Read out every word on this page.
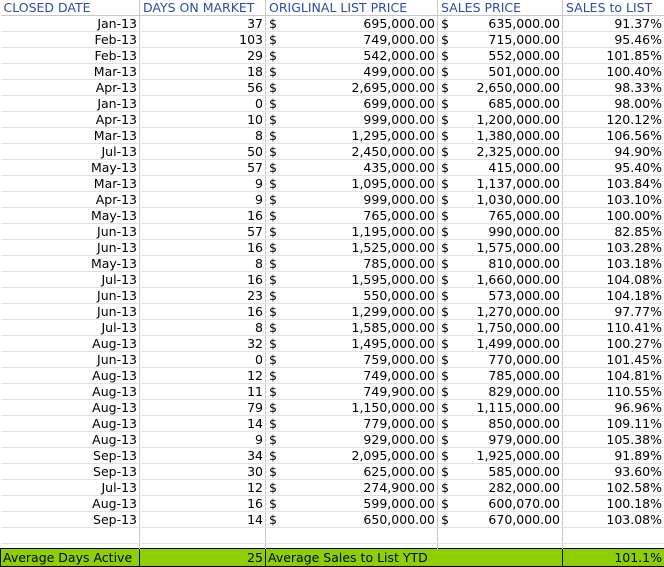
CLOSED DATE	DAYS ON MARKET	ORIGLINAL LIST PRICE	SALES PRICE	SALES to LIST
Jan-13	37	$ 695,000.00	$ 635,000.00	91.37%
Feb-13	103	$ 749,000.00	$ 715,000.00	95.46%
Feb-13	29	$ 542,000.00	$ 552,000.00	101.85%
Mar-13	18	$ 499,000.00	$ 501,000.00	100.40%
Apr-13	56	$ 2,695,000.00	$ 2,650,000.00	98.33%
Jan-13	0	$ 699,000.00	$ 685,000.00	98.00%
Apr-13	10	$ 999,000.00	$ 1,200,000.00	120.12%
Mar-13	8	$ 1,295,000.00	$ 1,380,000.00	106.56%
Jul-13	50	$ 2,450,000.00	$ 2,325,000.00	94.90%
May-13	57	$ 435,000.00	$ 415,000.00	95.40%
Mar-13	9	$ 1,095,000.00	$ 1,137,000.00	103.84%
Apr-13	9	$ 999,000.00	$ 1,030,000.00	103.10%
May-13	16	$ 765,000.00	$ 765,000.00	100.00%
Jun-13	57	$ 1,195,000.00	$ 990,000.00	82.85%
Jun-13	16	$ 1,525,000.00	$ 1,575,000.00	103.28%
May-13	8	$ 785,000.00	$ 810,000.00	103.18%
Jul-13	16	$ 1,595,000.00	$ 1,660,000.00	104.08%
Jun-13	23	$ 550,000.00	$ 573,000.00	104.18%
Jun-13	16	$ 1,299,000.00	$ 1,270,000.00	97.77%
Jul-13	8	$ 1,585,000.00	$ 1,750,000.00	110.41%
Aug-13	32	$ 1,495,000.00	$ 1,499,000.00	100.27%
Jun-13	0	$ 759,000.00	$ 770,000.00	101.45%
Aug-13	12	$ 749,000.00	$ 785,000.00	104.81%
Aug-13	11	$ 749,900.00	$ 829,000.00	110.55%
Aug-13	79	$ 1,150,000.00	$ 1,115,000.00	96.96%
Aug-13	14	$ 779,000.00	$ 850,000.00	109.11%
Aug-13	9	$ 929,000.00	$ 979,000.00	105.38%
Sep-13	34	$ 2,095,000.00	$ 1,925,000.00	91.89%
Sep-13	30	$ 625,000.00	$ 585,000.00	93.60%
Jul-13	12	$ 274,900.00	$ 282,000.00	102.58%
Aug-13	16	$ 599,000.00	$ 600,070.00	100.18%
Sep-13	14	$ 650,000.00	$ 670,000.00	103.08%

Average Days Active	25	Average Sales to List YTD		101.1%
